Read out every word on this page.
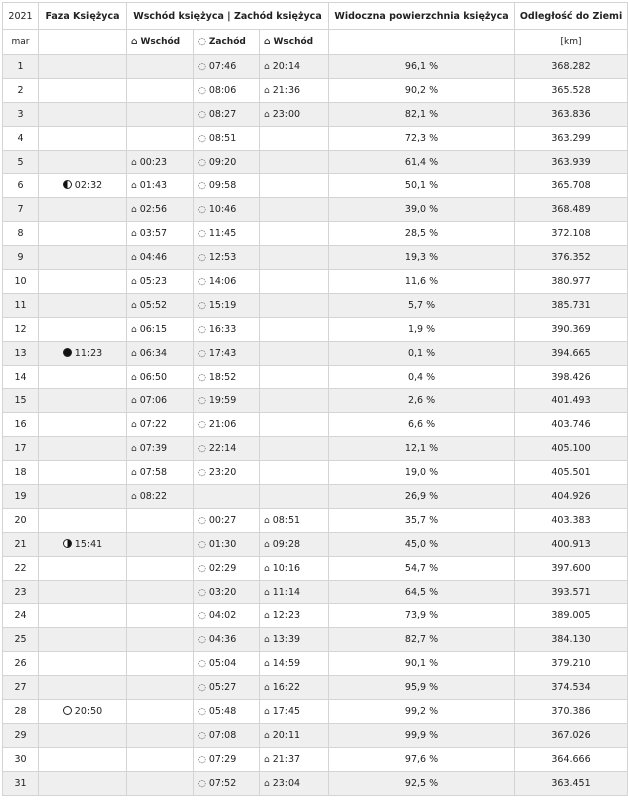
2021	Faza Księżyca	Wschód księżyca | Zachód księżyca			Widoczna powierzchnia księżyca	Odległość do Ziemi
mar		⌂ Wschód	◌ Zachód	⌂ Wschód		[km]
1			◌ 07:46	⌂ 20:14	96,1 %	368.282
2			◌ 08:06	⌂ 21:36	90,2 %	365.528
3			◌ 08:27	⌂ 23:00	82,1 %	363.836
4			◌ 08:51		72,3 %	363.299
5		⌂ 00:23	◌ 09:20		61,4 %	363.939
6	02:32	⌂ 01:43	◌ 09:58		50,1 %	365.708
7		⌂ 02:56	◌ 10:46		39,0 %	368.489
8		⌂ 03:57	◌ 11:45		28,5 %	372.108
9		⌂ 04:46	◌ 12:53		19,3 %	376.352
10		⌂ 05:23	◌ 14:06		11,6 %	380.977
11		⌂ 05:52	◌ 15:19		5,7 %	385.731
12		⌂ 06:15	◌ 16:33		1,9 %	390.369
13	11:23	⌂ 06:34	◌ 17:43		0,1 %	394.665
14		⌂ 06:50	◌ 18:52		0,4 %	398.426
15		⌂ 07:06	◌ 19:59		2,6 %	401.493
16		⌂ 07:22	◌ 21:06		6,6 %	403.746
17		⌂ 07:39	◌ 22:14		12,1 %	405.100
18		⌂ 07:58	◌ 23:20		19,0 %	405.501
19		⌂ 08:22			26,9 %	404.926
20			◌ 00:27	⌂ 08:51	35,7 %	403.383
21	15:41		◌ 01:30	⌂ 09:28	45,0 %	400.913
22			◌ 02:29	⌂ 10:16	54,7 %	397.600
23			◌ 03:20	⌂ 11:14	64,5 %	393.571
24			◌ 04:02	⌂ 12:23	73,9 %	389.005
25			◌ 04:36	⌂ 13:39	82,7 %	384.130
26			◌ 05:04	⌂ 14:59	90,1 %	379.210
27			◌ 05:27	⌂ 16:22	95,9 %	374.534
28	20:50		◌ 05:48	⌂ 17:45	99,2 %	370.386
29			◌ 07:08	⌂ 20:11	99,9 %	367.026
30			◌ 07:29	⌂ 21:37	97,6 %	364.666
31			◌ 07:52	⌂ 23:04	92,5 %	363.451
